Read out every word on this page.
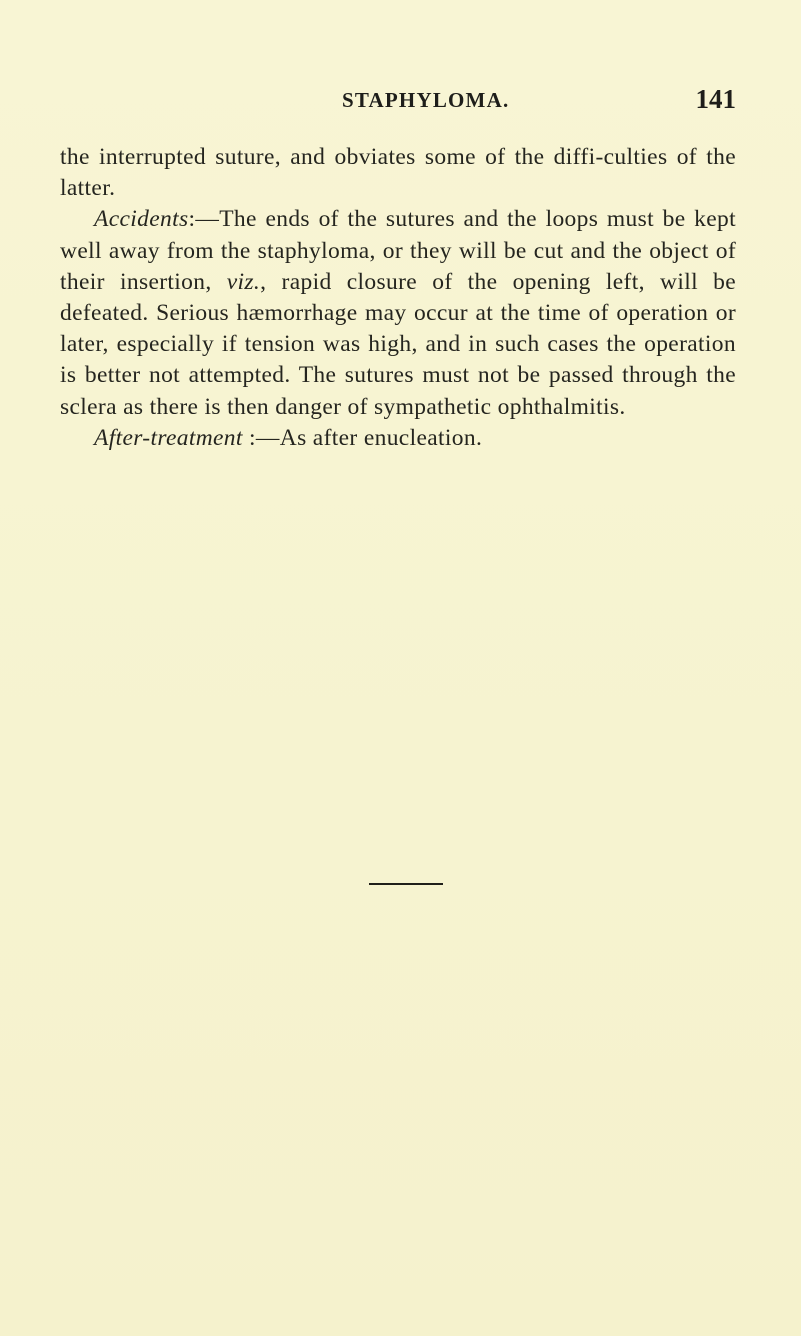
STAPHYLOMA.	141

the interrupted suture, and obviates some of the diffi-culties of the latter.

Accidents:—The ends of the sutures and the loops must be kept well away from the staphyloma, or they will be cut and the object of their insertion, viz., rapid closure of the opening left, will be defeated. Serious hæmorrhage may occur at the time of operation or later, especially if tension was high, and in such cases the operation is better not attempted. The sutures must not be passed through the sclera as there is then danger of sympathetic ophthalmitis.

After-treatment :—As after enucleation.
